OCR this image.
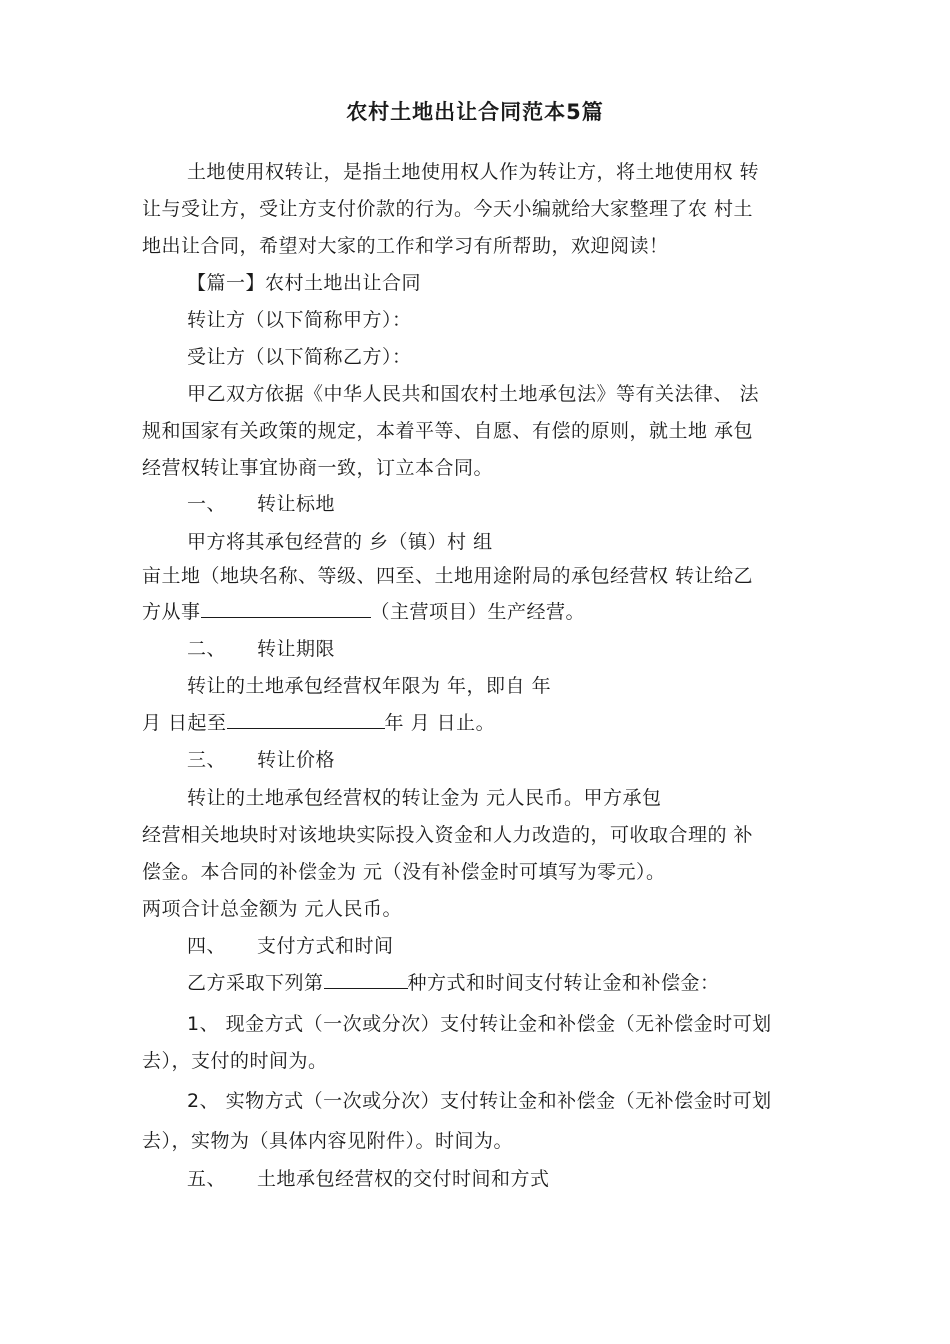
农村土地出让合同范本5篇
土地使用权转让，是指土地使用权人作为转让方，将土地使用权 转
让与受让方，受让方支付价款的行为。今天小编就给大家整理了农 村土
地出让合同，希望对大家的工作和学习有所帮助，欢迎阅读！
【篇一】农村土地出让合同
转让方（以下简称甲方）：
受让方（以下简称乙方）：
甲乙双方依据《中华人民共和国农村土地承包法》等有关法律、 法
规和国家有关政策的规定，本着平等、自愿、有偿的原则，就土地 承包
经营权转让事宜协商一致，订立本合同。
一、 转让标地
甲方将其承包经营的 乡（镇）村 组
亩土地（地块名称、等级、四至、土地用途附局的承包经营权 转让给乙
方从事	（主营项目）生产经营。
二、 转让期限
转让的土地承包经营权年限为 年，即自 年
月 日起至	年 月 日止。
三、 转让价格
转让的土地承包经营权的转让金为 元人民币。甲方承包
经营相关地块时对该地块实际投入资金和人力改造的，可收取合理的 补
偿金。本合同的补偿金为 元（没有补偿金时可填写为零元）。
两项合计总金额为 元人民币。
四、 支付方式和时间
乙方采取下列第	种方式和时间支付转让金和补偿金：
1、 现金方式（一次或分次）支付转让金和补偿金（无补偿金时可划
去），支付的时间为。
2、 实物方式（一次或分次）支付转让金和补偿金（无补偿金时可划
去），实物为（具体内容见附件）。时间为。
五、 土地承包经营权的交付时间和方式
